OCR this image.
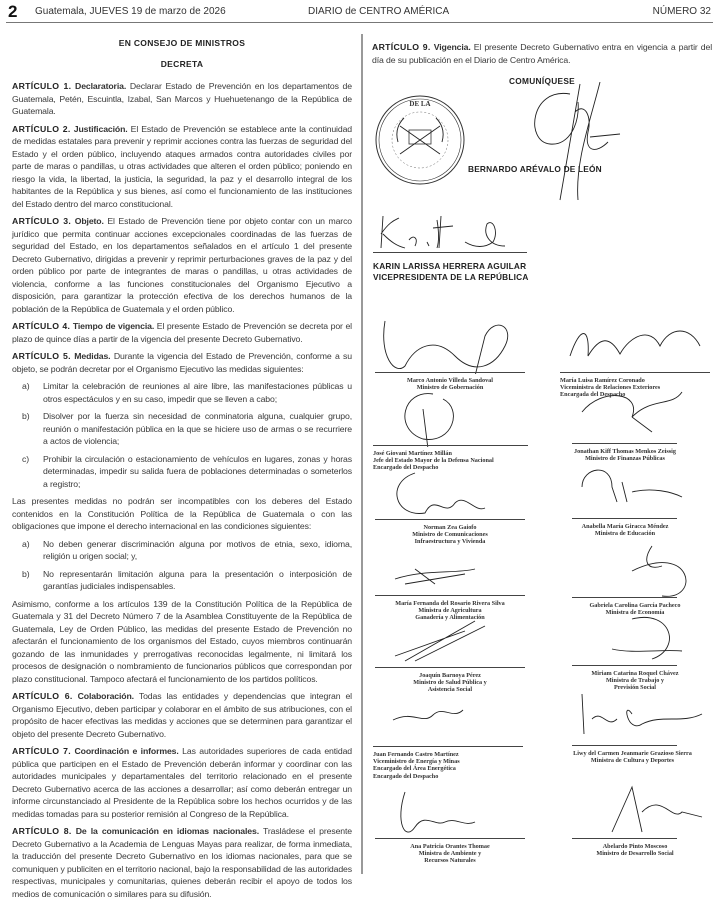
2 Guatemala, JUEVES 19 de marzo de 2026	DIARIO de CENTRO AMÉRICA	NÚMERO 32
EN CONSEJO DE MINISTROS
DECRETA
ARTÍCULO 1. Declaratoria. Declarar Estado de Prevención en los departamentos de Guatemala, Petén, Escuintla, Izabal, San Marcos y Huehuetenango de la República de Guatemala.
ARTÍCULO 2. Justificación. El Estado de Prevención se establece ante la continuidad de medidas estatales para prevenir y reprimir acciones contra las fuerzas de seguridad del Estado y el orden público, incluyendo ataques armados contra autoridades civiles por parte de maras o pandillas, u otras actividades que alteren el orden público; poniendo en riesgo la vida, la libertad, la justicia, la seguridad, la paz y el desarrollo integral de los habitantes de la República y sus bienes, así como el funcionamiento de las instituciones del Estado dentro del marco constitucional.
ARTÍCULO 3. Objeto. El Estado de Prevención tiene por objeto contar con un marco jurídico que permita continuar acciones excepcionales coordinadas de las fuerzas de seguridad del Estado, en los departamentos señalados en el artículo 1 del presente Decreto Gubernativo, dirigidas a prevenir y reprimir perturbaciones graves de la paz y del orden público por parte de integrantes de maras o pandillas, u otras actividades de violencia, conforme a las funciones constitucionales del Organismo Ejecutivo a disposición, para garantizar la protección efectiva de los derechos humanos de la población de la República de Guatemala y el orden público.
ARTÍCULO 4. Tiempo de vigencia. El presente Estado de Prevención se decreta por el plazo de quince días a partir de la vigencia del presente Decreto Gubernativo.
ARTÍCULO 5. Medidas. Durante la vigencia del Estado de Prevención, conforme a su objeto, se podrán decretar por el Organismo Ejecutivo las medidas siguientes:
a) Limitar la celebración de reuniones al aire libre, las manifestaciones públicas u otros espectáculos y en su caso, impedir que se lleven a cabo;
b) Disolver por la fuerza sin necesidad de conminatoria alguna, cualquier grupo, reunión o manifestación pública en la que se hiciere uso de armas o se recurriere a actos de violencia;
c) Prohibir la circulación o estacionamiento de vehículos en lugares, zonas y horas determinadas, impedir su salida fuera de poblaciones determinadas o someterlos a registro;
Las presentes medidas no podrán ser incompatibles con los deberes del Estado contenidos en la Constitución Política de la República de Guatemala o con las obligaciones que impone el derecho internacional en las condiciones siguientes:
a) No deben generar discriminación alguna por motivos de etnia, sexo, idioma, religión u origen social; y,
b) No representarán limitación alguna para la presentación o interposición de garantías judiciales indispensables.
Asimismo, conforme a los artículos 139 de la Constitución Política de la República de Guatemala y 31 del Decreto Número 7 de la Asamblea Constituyente de la República de Guatemala, Ley de Orden Público, las medidas del presente Estado de Prevención no afectarán el funcionamiento de los organismos del Estado, cuyos miembros continuarán gozando de las inmunidades y prerrogativas reconocidas legalmente, ni limitará los procesos de designación o nombramiento de funcionarios públicos que correspondan por plazo constitucional. Tampoco afectará el funcionamiento de los partidos políticos.
ARTÍCULO 6. Colaboración. Todas las entidades y dependencias que integran el Organismo Ejecutivo, deben participar y colaborar en el ámbito de sus atribuciones, con el propósito de hacer efectivas las medidas y acciones que se determinen para garantizar el objeto del presente Decreto Gubernativo.
ARTÍCULO 7. Coordinación e informes. Las autoridades superiores de cada entidad pública que participen en el Estado de Prevención deberán informar y coordinar con las autoridades municipales y departamentales del territorio relacionado en el presente Decreto Gubernativo acerca de las acciones a desarrollar; así como deberán entregar un informe circunstanciado al Presidente de la República sobre los hechos ocurridos y de las medidas tomadas para su posterior remisión al Congreso de la República.
ARTÍCULO 8. De la comunicación en idiomas nacionales. Trasládese el presente Decreto Gubernativo a la Academia de Lenguas Mayas para realizar, de forma inmediata, la traducción del presente Decreto Gubernativo en los idiomas nacionales, para que se comuniquen y publiciten en el territorio nacional, bajo la responsabilidad de las autoridades respectivas, municipales y comunitarias, quienes deberán recibir el apoyo de todos los medios de comunicación o similares para su difusión.
ARTÍCULO 9. Vigencia. El presente Decreto Gubernativo entra en vigencia a partir del día de su publicación en el Diario de Centro América.
COMUNÍQUESE
DE LA
BERNARDO ARÉVALO DE LEÓN
KARIN LARISSA HERRERA AGUILAR
VICEPRESIDENTA DE LA REPÚBLICA
Marco Antonio Villeda Sandoval
Ministro de Gobernación
María Luisa Ramírez Coronado
Viceministra de Relaciones Exteriores
Encargada del Despacho
José Giovani Martínez Millán
Jefe del Estado Mayor de la Defensa Nacional
Encargado del Despacho
Jonathan Kiff Thomas Menkos Zeissig
Ministro de Finanzas Públicas
Norman Zea Gaiofo
Ministro de Comunicaciones
Infraestructura y Vivienda
Anabella María Giracca Méndez
Ministra de Educación
María Fernanda del Rosario Rivera Silva
Ministra de Agricultura
Ganadería y Alimentación
Gabriela Carolina García Pacheco
Ministra de Economía
Joaquín Barnoya Pérez
Ministro de Salud Pública y
Asistencia Social
Miriam Catarina Roquel Chávez
Ministra de Trabajo y
Previsión Social
Juan Fernando Castro Martínez
Viceministro de Energía y Minas
Encargado del Área Energética
Encargado del Despacho
Liwy del Carmen Jeanmarie Grazioso Sierra
Ministra de Cultura y Deportes
Ana Patricia Orantes Thomae
Ministra de Ambiente y
Recursos Naturales
Abelardo Pinto Moscoso
Ministro de Desarrollo Social
